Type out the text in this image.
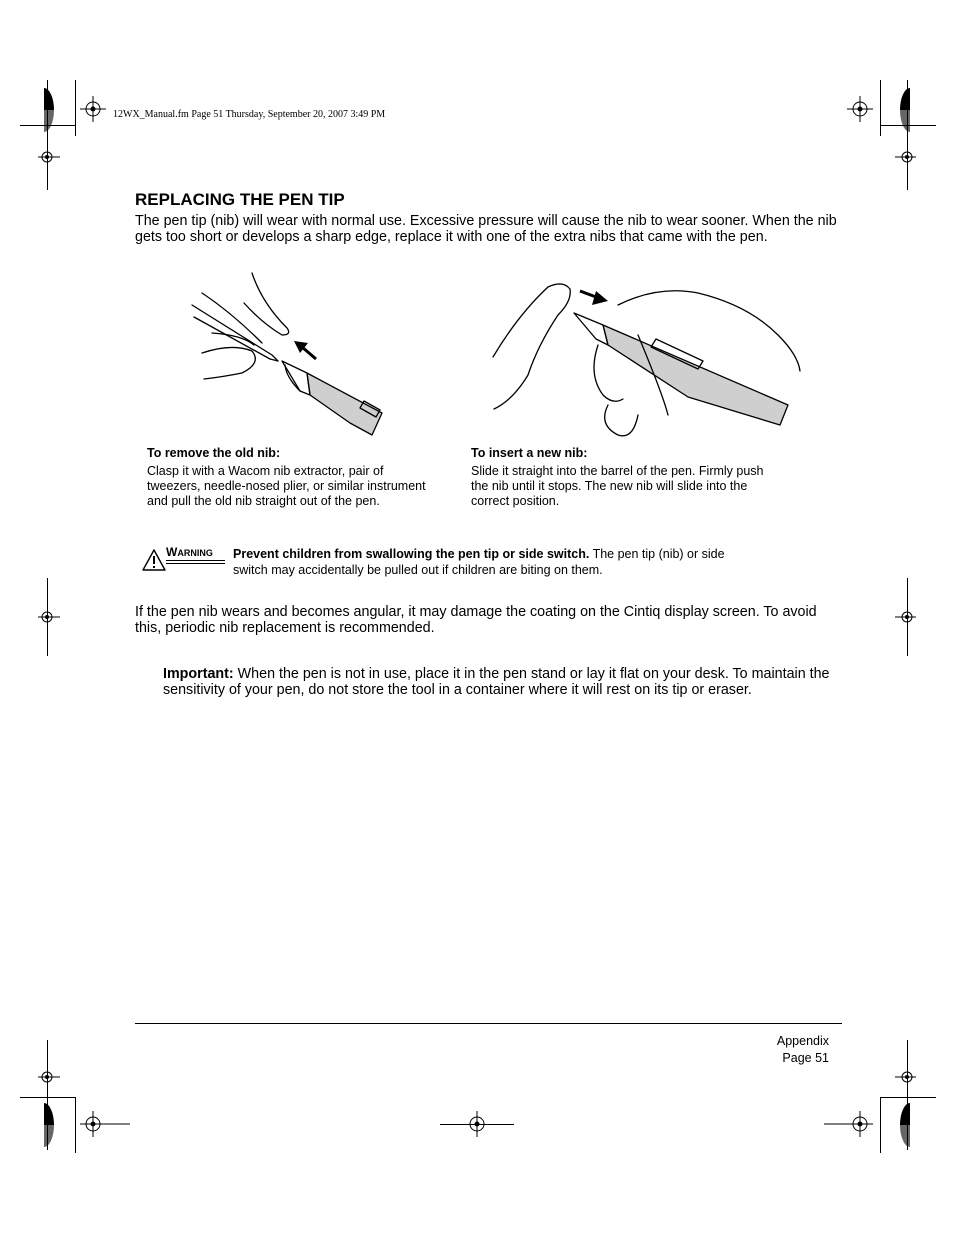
12WX_Manual.fm Page 51 Thursday, September 20, 2007 3:49 PM
REPLACING THE PEN TIP

The pen tip (nib) will wear with normal use. Excessive pressure will cause the nib to wear sooner. When the nib gets too short or develops a sharp edge, replace it with one of the extra nibs that came with the pen.

To remove the old nib:

Clasp it with a Wacom nib extractor, pair of tweezers, needle-nosed plier, or similar instrument and pull the old nib straight out of the pen.

To insert a new nib:

Slide it straight into the barrel of the pen. Firmly push the nib until it stops. The new nib will slide into the correct position.

WARNING Prevent children from swallowing the pen tip or side switch. The pen tip (nib) or side switch may accidentally be pulled out if children are biting on them.

If the pen nib wears and becomes angular, it may damage the coating on the Cintiq display screen. To avoid this, periodic nib replacement is recommended.

Important: When the pen is not in use, place it in the pen stand or lay it flat on your desk. To maintain the sensitivity of your pen, do not store the tool in a container where it will rest on its tip or eraser.

Appendix
Page 51
